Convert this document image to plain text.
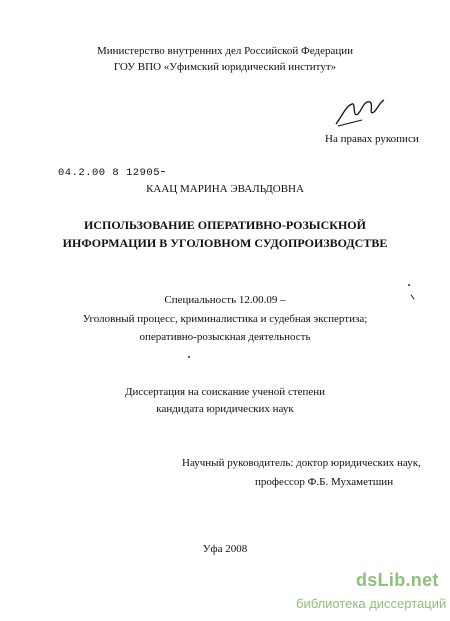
Министерство внутренних дел Российской Федерации
ГОУ ВПО «Уфимский юридический институт»
На правах рукописи
04.2.00 8 12905
КААЦ МАРИНА ЭВАЛЬДОВНА
ИСПОЛЬЗОВАНИЕ ОПЕРАТИВНО-РОЗЫСКНОЙ
ИНФОРМАЦИИ В УГОЛОВНОМ СУДОПРОИЗВОДСТВЕ
Специальность 12.00.09 –
Уголовный процесс, криминалистика и судебная экспертиза;
оперативно-розыскная деятельность
Диссертация на соискание ученой степени
кандидата юридических наук
Научный руководитель: доктор юридических наук,
профессор Ф.Б. Мухаметшин
Уфа 2008
dsLib.net
библиотека диссертаций
